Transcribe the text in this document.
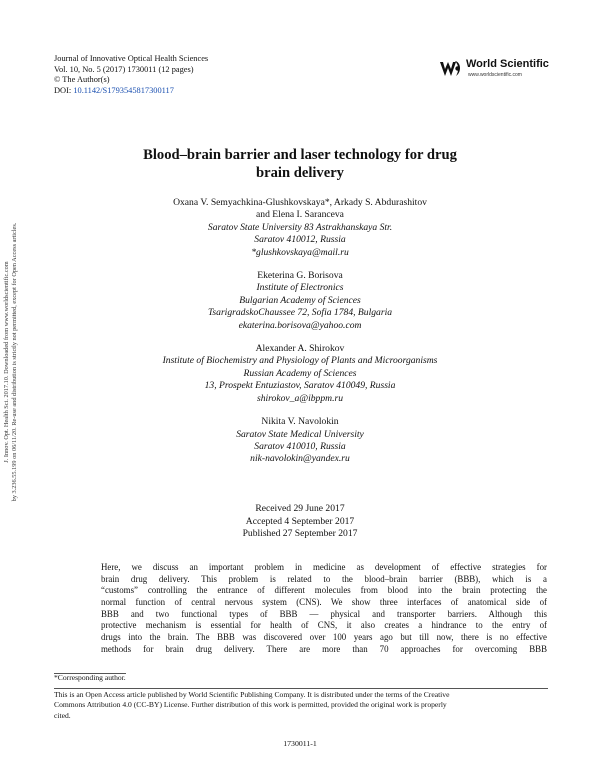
Journal of Innovative Optical Health Sciences
Vol. 10, No. 5 (2017) 1730011 (12 pages)
© The Author(s)
DOI: 10.1142/S1793545817300117
World Scientific
www.worldscientific.com
J. Innov. Opt. Health Sci. 2017.10. Downloaded from www.worldscientific.com by 3.236.55.199 on 06/11/20. Re-use and distribution is strictly not permitted, except for Open Access articles.
Blood–brain barrier and laser technology for drug
brain delivery
Oxana V. Semyachkina-Glushkovskaya*, Arkady S. Abdurashitov
and Elena I. Saranceva
Saratov State University 83 Astrakhanskaya Str.
Saratov 410012, Russia
*glushkovskaya@mail.ru
Eketerina G. Borisova
Institute of Electronics
Bulgarian Academy of Sciences
TsarigradskoChaussee 72, Sofia 1784, Bulgaria
ekaterina.borisova@yahoo.com
Alexander A. Shirokov
Institute of Biochemistry and Physiology of Plants and Microorganisms
Russian Academy of Sciences
13, Prospekt Entuziastov, Saratov 410049, Russia
shirokov_a@ibppm.ru
Nikita V. Navolokin
Saratov State Medical University
Saratov 410010, Russia
nik-navolokin@yandex.ru
Received 29 June 2017
Accepted 4 September 2017
Published 27 September 2017
Here, we discuss an important problem in medicine as development of effective strategies for
brain drug delivery. This problem is related to the blood–brain barrier (BBB), which is a
“customs” controlling the entrance of different molecules from blood into the brain protecting the
normal function of central nervous system (CNS). We show three interfaces of anatomical side of
BBB and two functional types of BBB — physical and transporter barriers. Although this
protective mechanism is essential for health of CNS, it also creates a hindrance to the entry of
drugs into the brain. The BBB was discovered over 100 years ago but till now, there is no effective
methods for brain drug delivery. There are more than 70 approaches for overcoming BBB
*Corresponding author.
This is an Open Access article published by World Scientific Publishing Company. It is distributed under the terms of the Creative
Commons Attribution 4.0 (CC-BY) License. Further distribution of this work is permitted, provided the original work is properly
cited.
1730011-1
